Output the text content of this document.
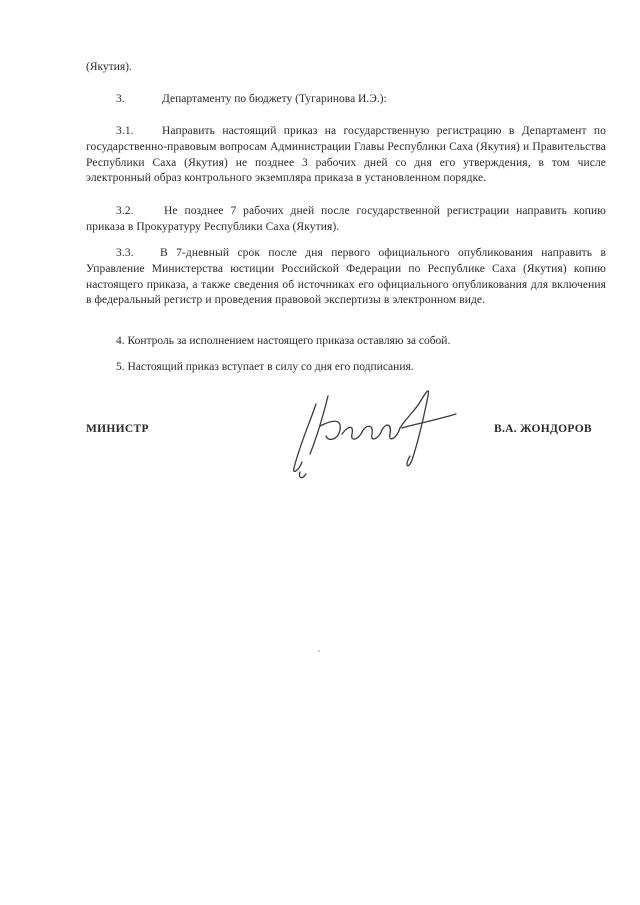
(Якутия).
3.	Департаменту по бюджету (Тугаринова И.Э.):
3.1. Направить настоящий приказ на государственную регистрацию в Департамент по государственно-правовым вопросам Администрации Главы Республики Саха (Якутия) и Правительства Республики Саха (Якутия) не позднее 3 рабочих дней со дня его утверждения, в том числе электронный образ контрольного экземпляра приказа в установленном порядке.
3.2.	Не позднее 7 рабочих дней после государственной регистрации направить копию приказа в Прокуратуру Республики Саха (Якутия).
3.3. В 7-дневный срок после дня первого официального опубликования направить в Управление Министерства юстиции Российской Федерации по Республике Саха (Якутия) копию настоящего приказа, а также сведения об источниках его официального опубликования для включения в федеральный регистр и проведения правовой экспертизы в электронном виде.
4. Контроль за исполнением настоящего приказа оставляю за собой.
5. Настоящий приказ вступает в силу со дня его подписания.
МИНИСТР	В.А. ЖОНДОРОВ
